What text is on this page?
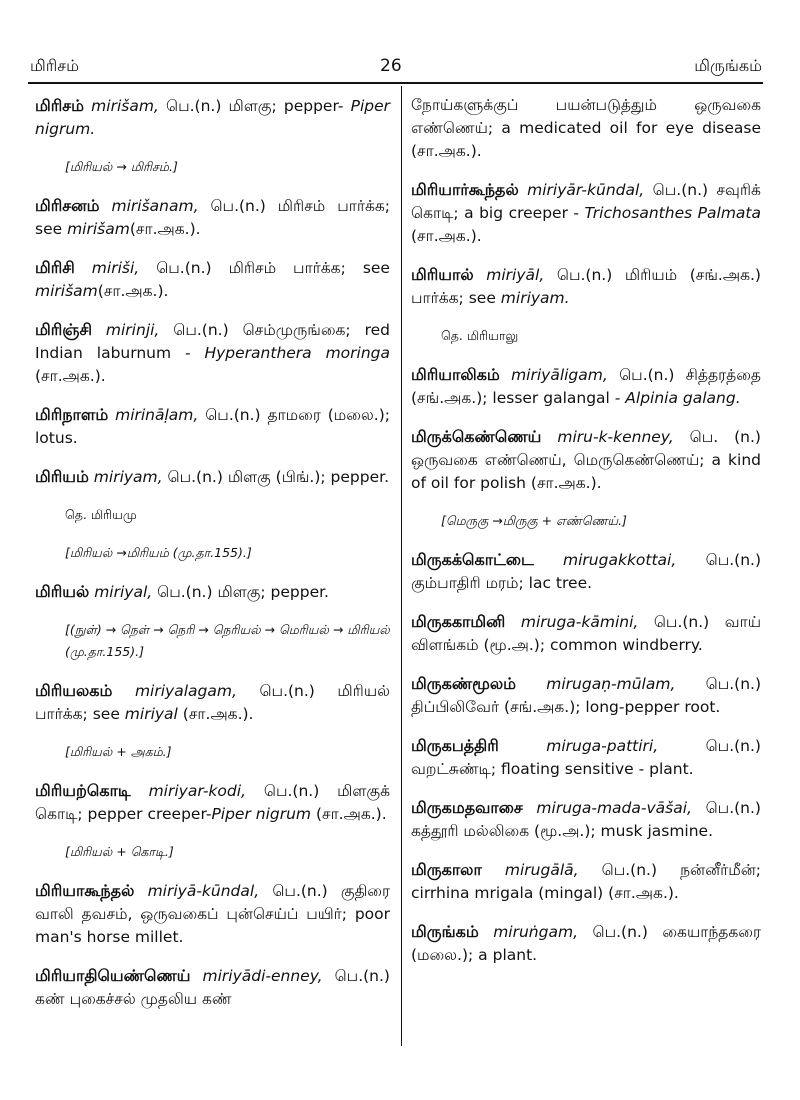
மிரிசம்	26	மிருங்கம்
மிரிசம் mirišam, பெ.(n.) மிளகு; pepper- Piper nigrum.
[மிரியல் → மிரிசம்.]
மிரிசனம் mirišanam, பெ.(n.) மிரிசம் பார்க்க; see mirišam(சா.அக.).
மிரிசி miriši, பெ.(n.) மிரிசம் பார்க்க; see mirišam(சா.அக.).
மிரிஞ்சி mirinji, பெ.(n.) செம்முருங்கை; red Indian laburnum - Hyperanthera moringa (சா.அக.).
மிரிநாளம் mirināḷam, பெ.(n.) தாமரை (மலை.); lotus.
மிரியம் miriyam, பெ.(n.) மிளகு (பிங்.); pepper.
தெ. மிரியமு
[மிரியல் →மிரியம் (மு.தா.155).]
மிரியல் miriyal, பெ.(n.) மிளகு; pepper.
[(நுள்) → நெள் → நெரி → நெரியல் → மெரியல் → மிரியல் (மு.தா.155).]
மிரியலகம் miriyalagam, பெ.(n.) மிரியல் பார்க்க; see miriyal (சா.அக.).
[மிரியல் + அகம்.]
மிரியற்கொடி miriyar-kodi, பெ.(n.) மிளகுக் கொடி; pepper creeper-Piper nigrum (சா.அக.).
[மிரியல் + கொடி.]
மிரியாகூந்தல் miriyā-kūndal, பெ.(n.) குதிரை வாலி தவசம், ஒருவகைப் புன்செய்ப் பயிர்; poor man's horse millet.
மிரியாதியெண்ணெய் miriyādi-enney, பெ.(n.) கண் புகைச்சல் முதலிய கண்
நோய்களுக்குப் பயன்படுத்தும் ஒருவகை எண்ணெய்; a medicated oil for eye disease (சா.அக.).
மிரியார்கூந்தல் miriyār-kūndal, பெ.(n.) சவுரிக் கொடி; a big creeper - Trichosanthes Palmata (சா.அக.).
மிரியால் miriyāl, பெ.(n.) மிரியம் (சங்.அக.) பார்க்க; see miriyam.
தெ. மிரியாலு
மிரியாலிகம் miriyāligam, பெ.(n.) சித்தரத்தை (சங்.அக.); lesser galangal - Alpinia galang.
மிருக்கெண்ணெய் miru-k-kenney, பெ. (n.) ஒருவகை எண்ணெய், மெருகெண்ணெய்; a kind of oil for polish (சா.அக.).
[மெருகு →மிருகு + எண்ணெய்.]
மிருகக்கொட்டை mirugakkottai, பெ.(n.) கும்பாதிரி மரம்; lac tree.
மிருககாமினி miruga-kāmini, பெ.(n.) வாய் விளங்கம் (மூ.அ.); common windberry.
மிருகண்மூலம் mirugaṇ-mūlam, பெ.(n.) திப்பிலிவேர் (சங்.அக.); long-pepper root.
மிருகபத்திரி	miruga-pattiri,	பெ.(n.) வறட்சுண்டி; floating sensitive - plant.
மிருகமதவாசை miruga-mada-vāšai, பெ.(n.) கத்தூரி மல்லிகை (மூ.அ.); musk jasmine.
மிருகாலா mirugālā, பெ.(n.) நன்னீர்மீன்; cirrhina mrigala (mingal) (சா.அக.).
மிருங்கம் miruṅgam, பெ.(n.) கையாந்தகரை (மலை.); a plant.
